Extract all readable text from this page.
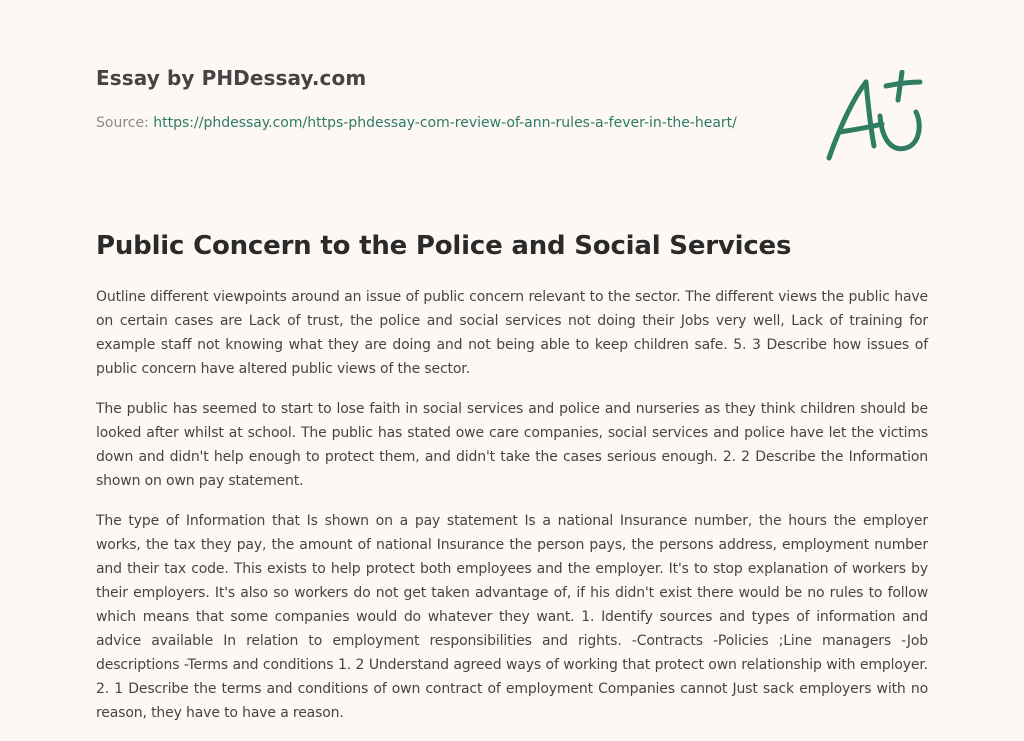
Essay by PHDessay.com

Source: https://phdessay.com/https-phdessay-com-review-of-ann-rules-a-fever-in-the-heart/

Public Concern to the Police and Social Services

Outline different viewpoints around an issue of public concern relevant to the sector. The different views the public have on certain cases are Lack of trust, the police and social services not doing their Jobs very well, Lack of training for example staff not knowing what they are doing and not being able to keep children safe. 5. 3 Describe how issues of public concern have altered public views of the sector.

The public has seemed to start to lose faith in social services and police and nurseries as they think children should be looked after whilst at school. The public has stated owe care companies, social services and police have let the victims down and didn't help enough to protect them, and didn't take the cases serious enough. 2. 2 Describe the Information shown on own pay statement.

The type of Information that Is shown on a pay statement Is a national Insurance number, the hours the employer works, the tax they pay, the amount of national Insurance the person pays, the persons address, employment number and their tax code. This exists to help protect both employees and the employer. It's to stop explanation of workers by their employers. It's also so workers do not get taken advantage of, if his didn't exist there would be no rules to follow which means that some companies would do whatever they want. 1. Identify sources and types of information and advice available In relation to employment responsibilities and rights. -Contracts -Policies ;Line managers -Job descriptions -Terms and conditions 1. 2 Understand agreed ways of working that protect own relationship with employer. 2. 1 Describe the terms and conditions of own contract of employment Companies cannot Just sack employers with no reason, they have to have a reason.
